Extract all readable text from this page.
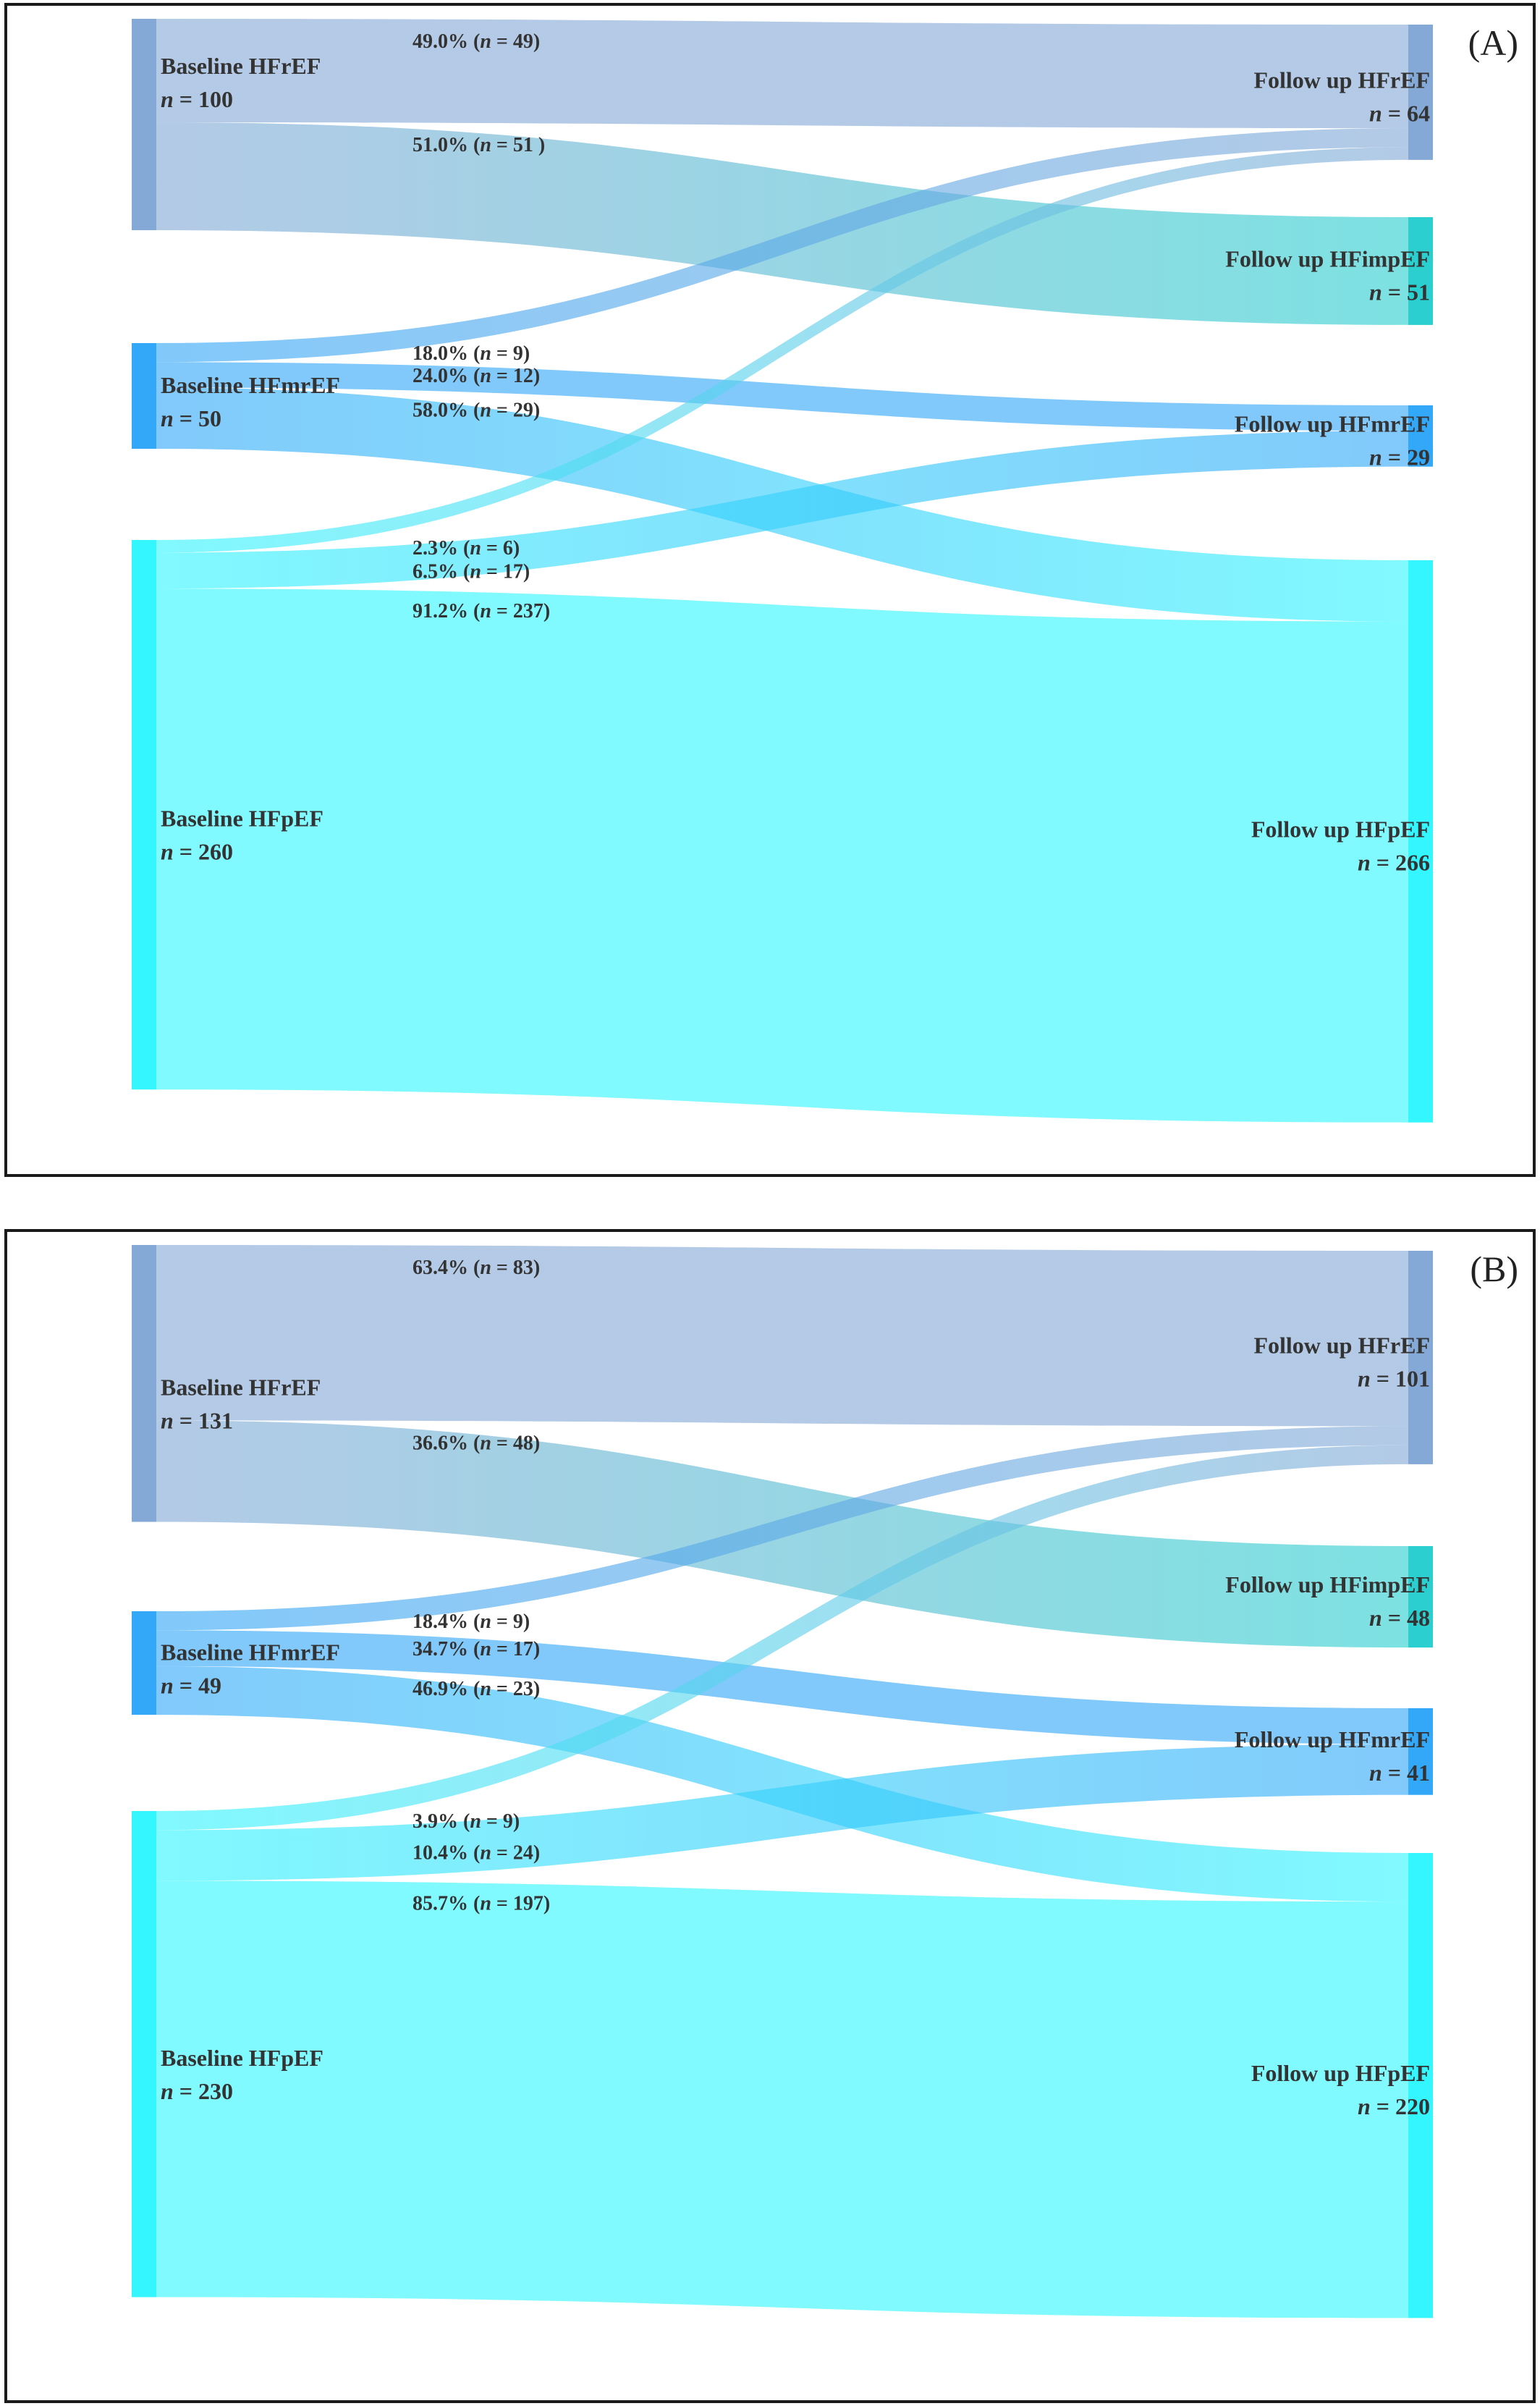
(A)
Baseline HFrEF
n = 100
Baseline HFmrEF
n = 50
Baseline HFpEF
n = 260
Follow up HFrEF
n = 64
Follow up HFimpEF
n = 51
Follow up HFmrEF
n = 29
Follow up HFpEF
n = 266
49.0% (n = 49)
51.0% (n = 51 )
18.0% (n = 9)
24.0% (n = 12)
58.0% (n = 29)
2.3% (n = 6)
6.5% (n = 17)
91.2% (n = 237)
(B)
Baseline HFrEF
n = 131
Baseline HFmrEF
n = 49
Baseline HFpEF
n = 230
Follow up HFrEF
n = 101
Follow up HFimpEF
n = 48
Follow up HFmrEF
n = 41
Follow up HFpEF
n = 220
63.4% (n = 83)
36.6% (n = 48)
18.4% (n = 9)
34.7% (n = 17)
46.9% (n = 23)
3.9% (n = 9)
10.4% (n = 24)
85.7% (n = 197)
